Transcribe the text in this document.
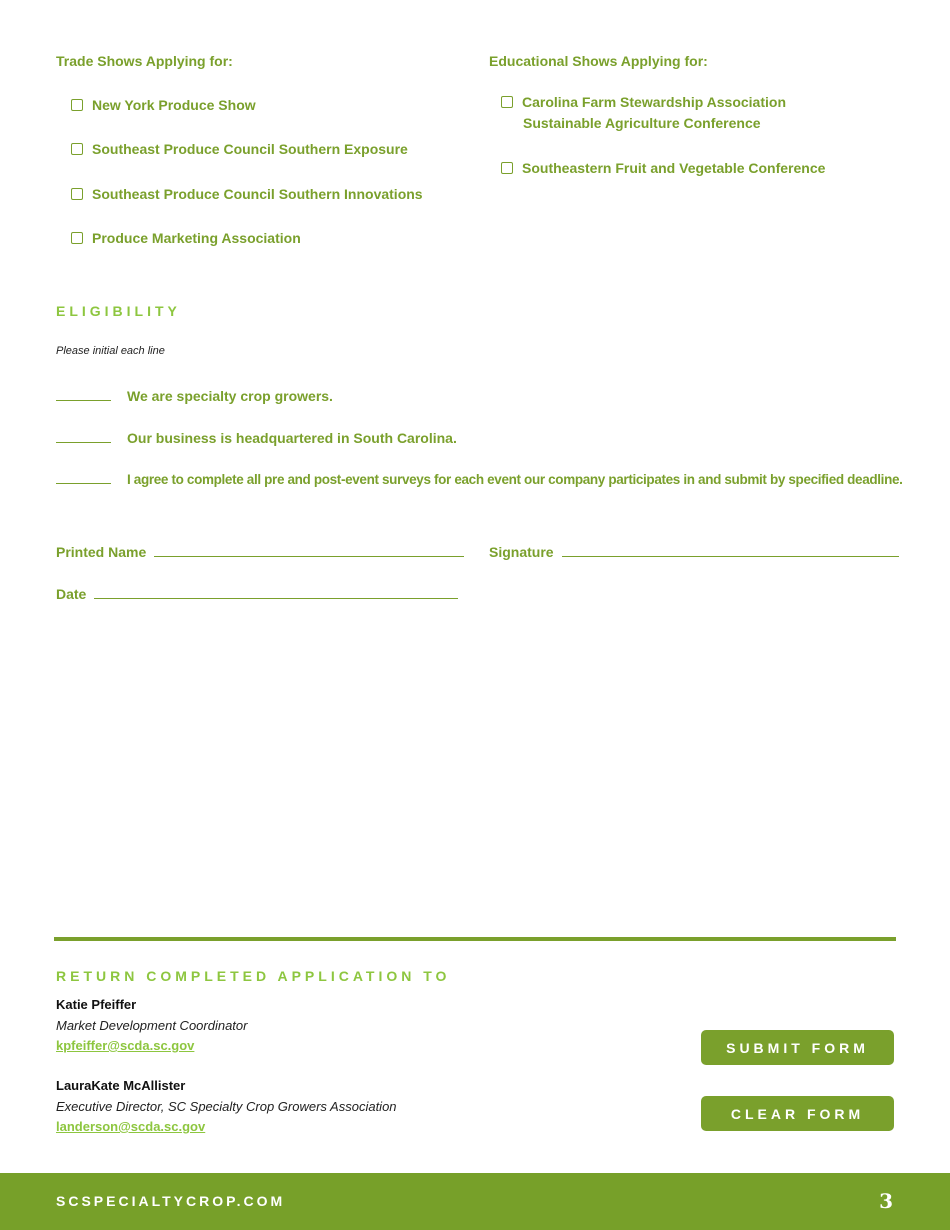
Trade Shows Applying for:
New York Produce Show
Southeast Produce Council Southern Exposure
Southeast Produce Council Southern Innovations
Produce Marketing Association
Educational Shows Applying for:
Carolina Farm Stewardship Association
Sustainable Agriculture Conference
Southeastern Fruit and Vegetable Conference
ELIGIBILITY
Please initial each line
We are specialty crop growers.
Our business is headquartered in South Carolina.
I agree to complete all pre and post-event surveys for each event our company participates in and submit by specified deadline.
Printed Name	Signature
Date
RETURN COMPLETED APPLICATION TO
Katie Pfeiffer
Market Development Coordinator
kpfeiffer@scda.sc.gov
LauraKate McAllister
Executive Director, SC Specialty Crop Growers Association
landerson@scda.sc.gov
SUBMIT FORM
CLEAR FORM
SCSPECIALTYCROP.COM	3
